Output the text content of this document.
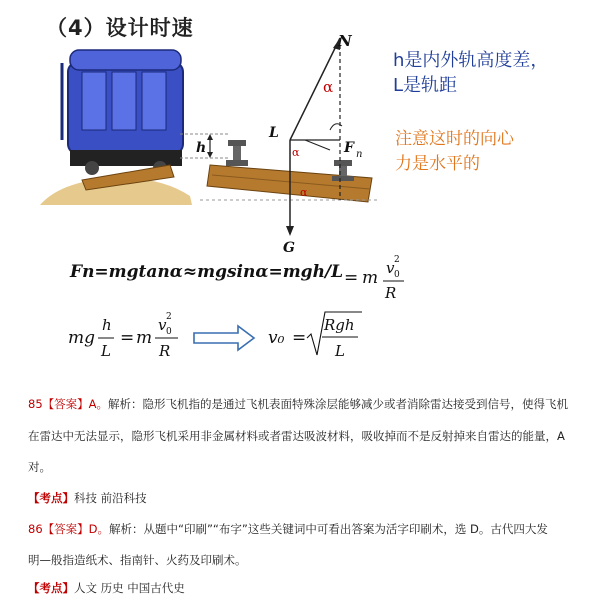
（4）设计时速
h
α
α
α
N
L
G
F n
= m v 0
2
R
mg
h
L
= m
v 0
2
R
v₀ =
Rgh
L
h是内外轨高度差，
L是轨距
注意这时的向心
力是水平的
Fn=mgtanα≈mgsinα=mgh/L
85【答案】A。解析：隐形飞机指的是通过飞机表面特殊涂层能够减少或者消除雷达接受到信号，使得飞机
在雷达中无法显示，隐形飞机采用非金属材料或者雷达吸波材料，吸收掉而不是反射掉来自雷达的能量，A
对。
【考点】科技 前沿科技
86【答案】D。解析：从题中“印刷”“布字”这些关键词中可看出答案为活字印刷术，选 D。古代四大发
明—般指造纸术、指南针、火药及印刷术。
【考点】人文 历史 中国古代史
